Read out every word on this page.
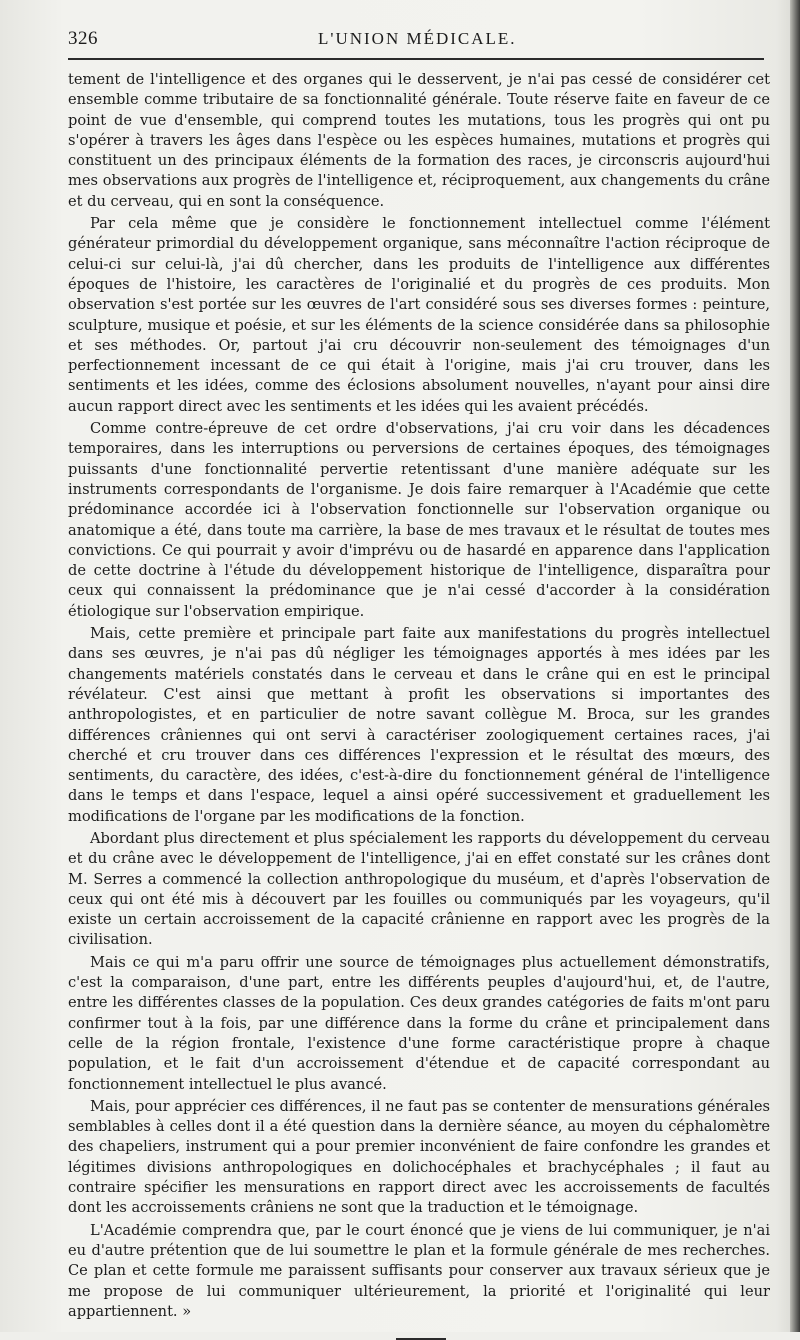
326	L'UNION MÉDICALE.

tement de l'intelligence et des organes qui le desservent, je n'ai pas cessé de considérer cet ensemble comme tributaire de sa fonctionnalité générale. Toute réserve faite en faveur de ce point de vue d'ensemble, qui comprend toutes les mutations, tous les progrès qui ont pu s'opérer à travers les âges dans l'espèce ou les espèces humaines, mutations et progrès qui constituent un des principaux éléments de la formation des races, je circonscris aujourd'hui mes observations aux progrès de l'intelligence et, réciproquement, aux changements du crâne et du cerveau, qui en sont la conséquence.

Par cela même que je considère le fonctionnement intellectuel comme l'élément générateur primordial du développement organique, sans méconnaître l'action réciproque de celui-ci sur celui-là, j'ai dû chercher, dans les produits de l'intelligence aux différentes époques de l'histoire, les caractères de l'originalié et du progrès de ces produits. Mon observation s'est portée sur les œuvres de l'art considéré sous ses diverses formes : peinture, sculpture, musique et poésie, et sur les éléments de la science considérée dans sa philosophie et ses méthodes. Or, partout j'ai cru découvrir non-seulement des témoignages d'un perfectionnement incessant de ce qui était à l'origine, mais j'ai cru trouver, dans les sentiments et les idées, comme des éclosions absolument nouvelles, n'ayant pour ainsi dire aucun rapport direct avec les sentiments et les idées qui les avaient précédés.

Comme contre-épreuve de cet ordre d'observations, j'ai cru voir dans les décadences temporaires, dans les interruptions ou perversions de certaines époques, des témoignages puissants d'une fonctionnalité pervertie retentissant d'une manière adéquate sur les instruments correspondants de l'organisme. Je dois faire remarquer à l'Académie que cette prédominance accordée ici à l'observation fonctionnelle sur l'observation organique ou anatomique a été, dans toute ma carrière, la base de mes travaux et le résultat de toutes mes convictions. Ce qui pourrait y avoir d'imprévu ou de hasardé en apparence dans l'application de cette doctrine à l'étude du développement historique de l'intelligence, disparaîtra pour ceux qui connaissent la prédominance que je n'ai cessé d'accorder à la considération étiologique sur l'observation empirique.

Mais, cette première et principale part faite aux manifestations du progrès intellectuel dans ses œuvres, je n'ai pas dû négliger les témoignages apportés à mes idées par les changements matériels constatés dans le cerveau et dans le crâne qui en est le principal révélateur. C'est ainsi que mettant à profit les observations si importantes des anthropologistes, et en particulier de notre savant collègue M. Broca, sur les grandes différences crâniennes qui ont servi à caractériser zoologiquement certaines races, j'ai cherché et cru trouver dans ces différences l'expression et le résultat des mœurs, des sentiments, du caractère, des idées, c'est-à-dire du fonctionnement général de l'intelligence dans le temps et dans l'espace, lequel a ainsi opéré successivement et graduellement les modifications de l'organe par les modifications de la fonction.

Abordant plus directement et plus spécialement les rapports du développement du cerveau et du crâne avec le développement de l'intelligence, j'ai en effet constaté sur les crânes dont M. Serres a commencé la collection anthropologique du muséum, et d'après l'observation de ceux qui ont été mis à découvert par les fouilles ou communiqués par les voyageurs, qu'il existe un certain accroissement de la capacité crânienne en rapport avec les progrès de la civilisation.

Mais ce qui m'a paru offrir une source de témoignages plus actuellement démonstratifs, c'est la comparaison, d'une part, entre les différents peuples d'aujourd'hui, et, de l'autre, entre les différentes classes de la population. Ces deux grandes catégories de faits m'ont paru confirmer tout à la fois, par une différence dans la forme du crâne et principalement dans celle de la région frontale, l'existence d'une forme caractéristique propre à chaque population, et le fait d'un accroissement d'étendue et de capacité correspondant au fonctionnement intellectuel le plus avancé.

Mais, pour apprécier ces différences, il ne faut pas se contenter de mensurations générales semblables à celles dont il a été question dans la dernière séance, au moyen du céphalomètre des chapeliers, instrument qui a pour premier inconvénient de faire confondre les grandes et légitimes divisions anthropologiques en dolichocéphales et brachycéphales ; il faut au contraire spécifier les mensurations en rapport direct avec les accroissements de facultés dont les accroissements crâniens ne sont que la traduction et le témoignage.

L'Académie comprendra que, par le court énoncé que je viens de lui communiquer, je n'ai eu d'autre prétention que de lui soumettre le plan et la formule générale de mes recherches. Ce plan et cette formule me paraissent suffisants pour conserver aux travaux sérieux que je me propose de lui communiquer ultérieurement, la priorité et l'originalité qui leur appartiennent. »
